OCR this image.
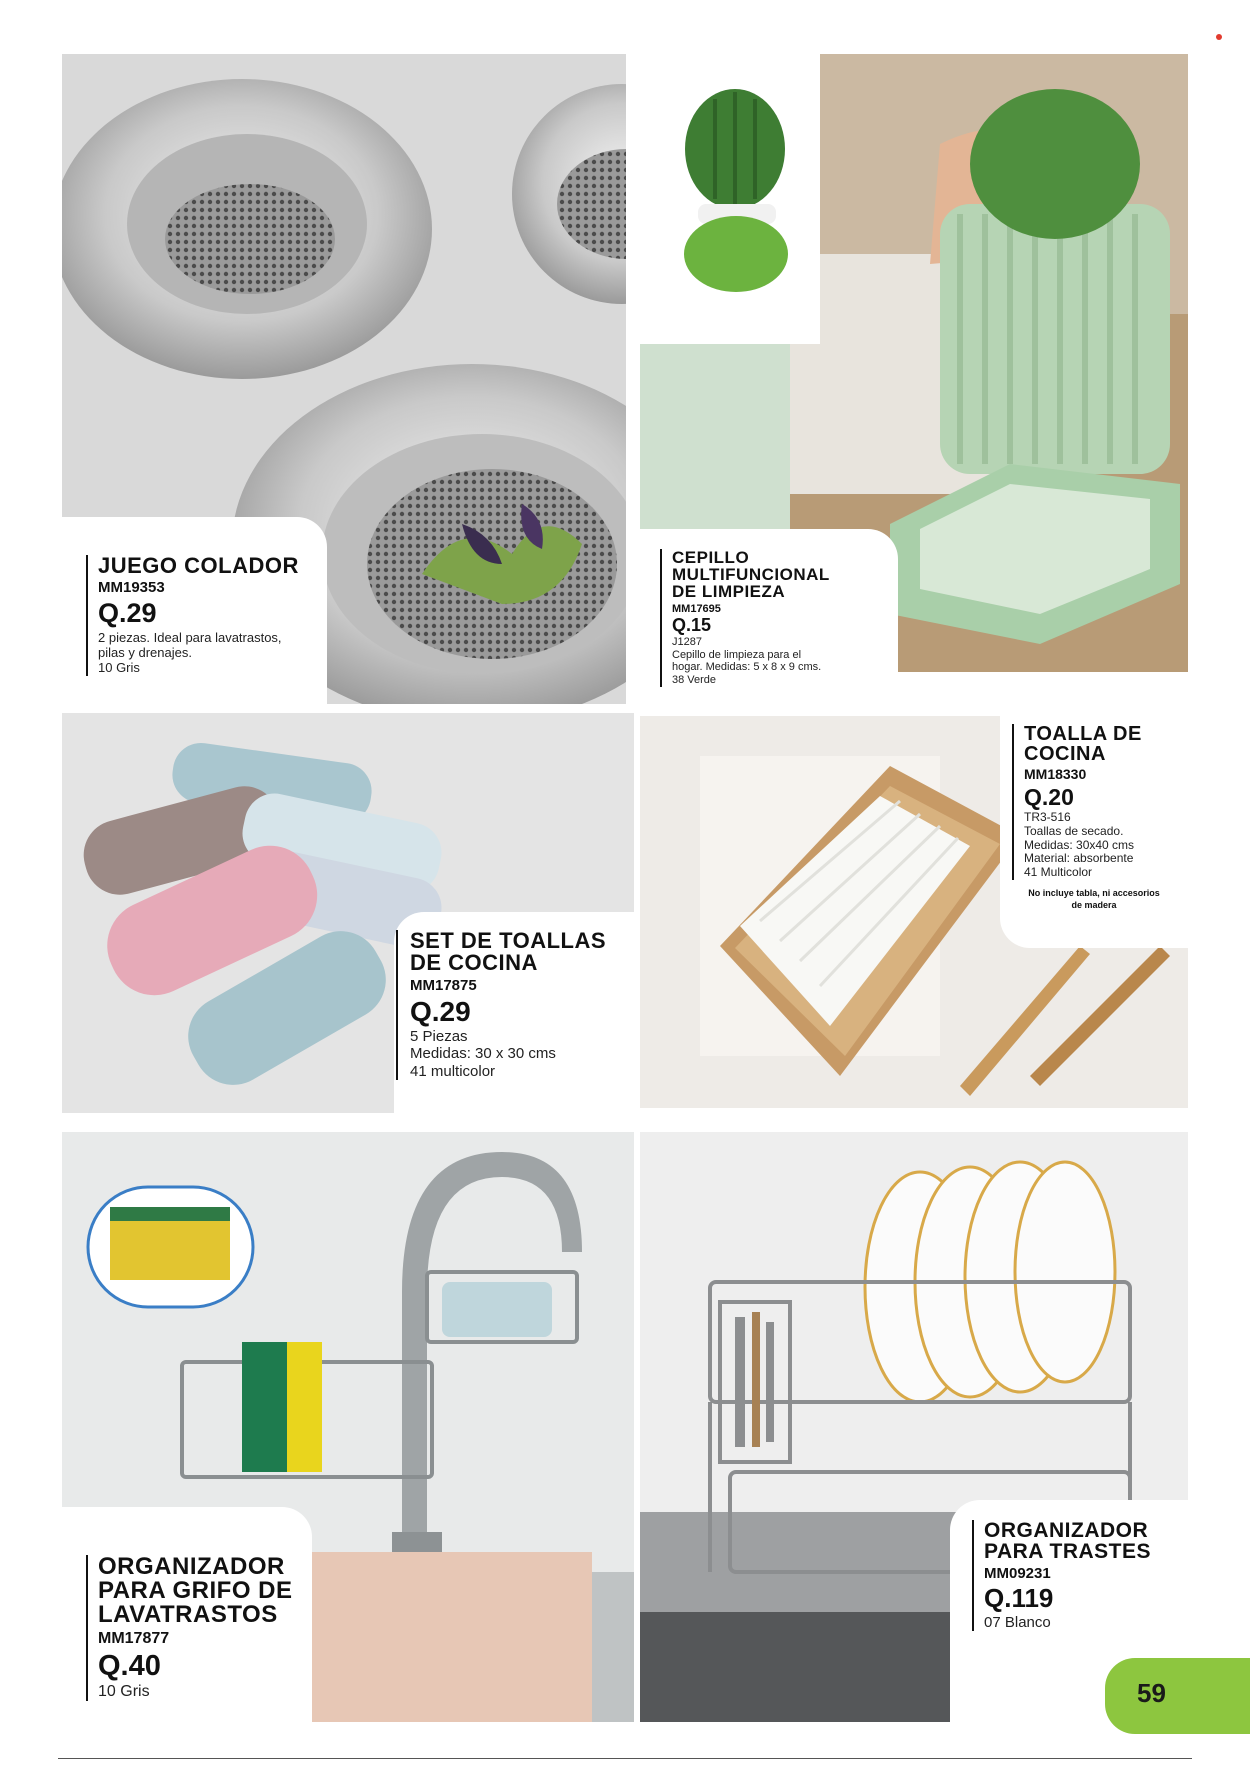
JUEGO COLADOR
MM19353
Q.29
2 piezas. Ideal para lavatrastos,
pilas y drenajes.
10 Gris
CEPILLO
MULTIFUNCIONAL
DE LIMPIEZA
MM17695
Q.15
J1287
Cepillo de limpieza para el
hogar. Medidas: 5 x 8 x 9 cms.
38 Verde
SET DE TOALLAS
DE COCINA
MM17875
Q.29
5 Piezas
Medidas: 30 x 30 cms
41 multicolor
TOALLA DE
COCINA
MM18330
Q.20
TR3-516
Toallas de secado.
Medidas: 30x40 cms
Material: absorbente
41 Multicolor
No incluye tabla, ni accesorios
de madera
ORGANIZADOR
PARA GRIFO DE
LAVATRASTOS
MM17877
Q.40
10 Gris
ORGANIZADOR
PARA TRASTES
MM09231
Q.119
07 Blanco
59
